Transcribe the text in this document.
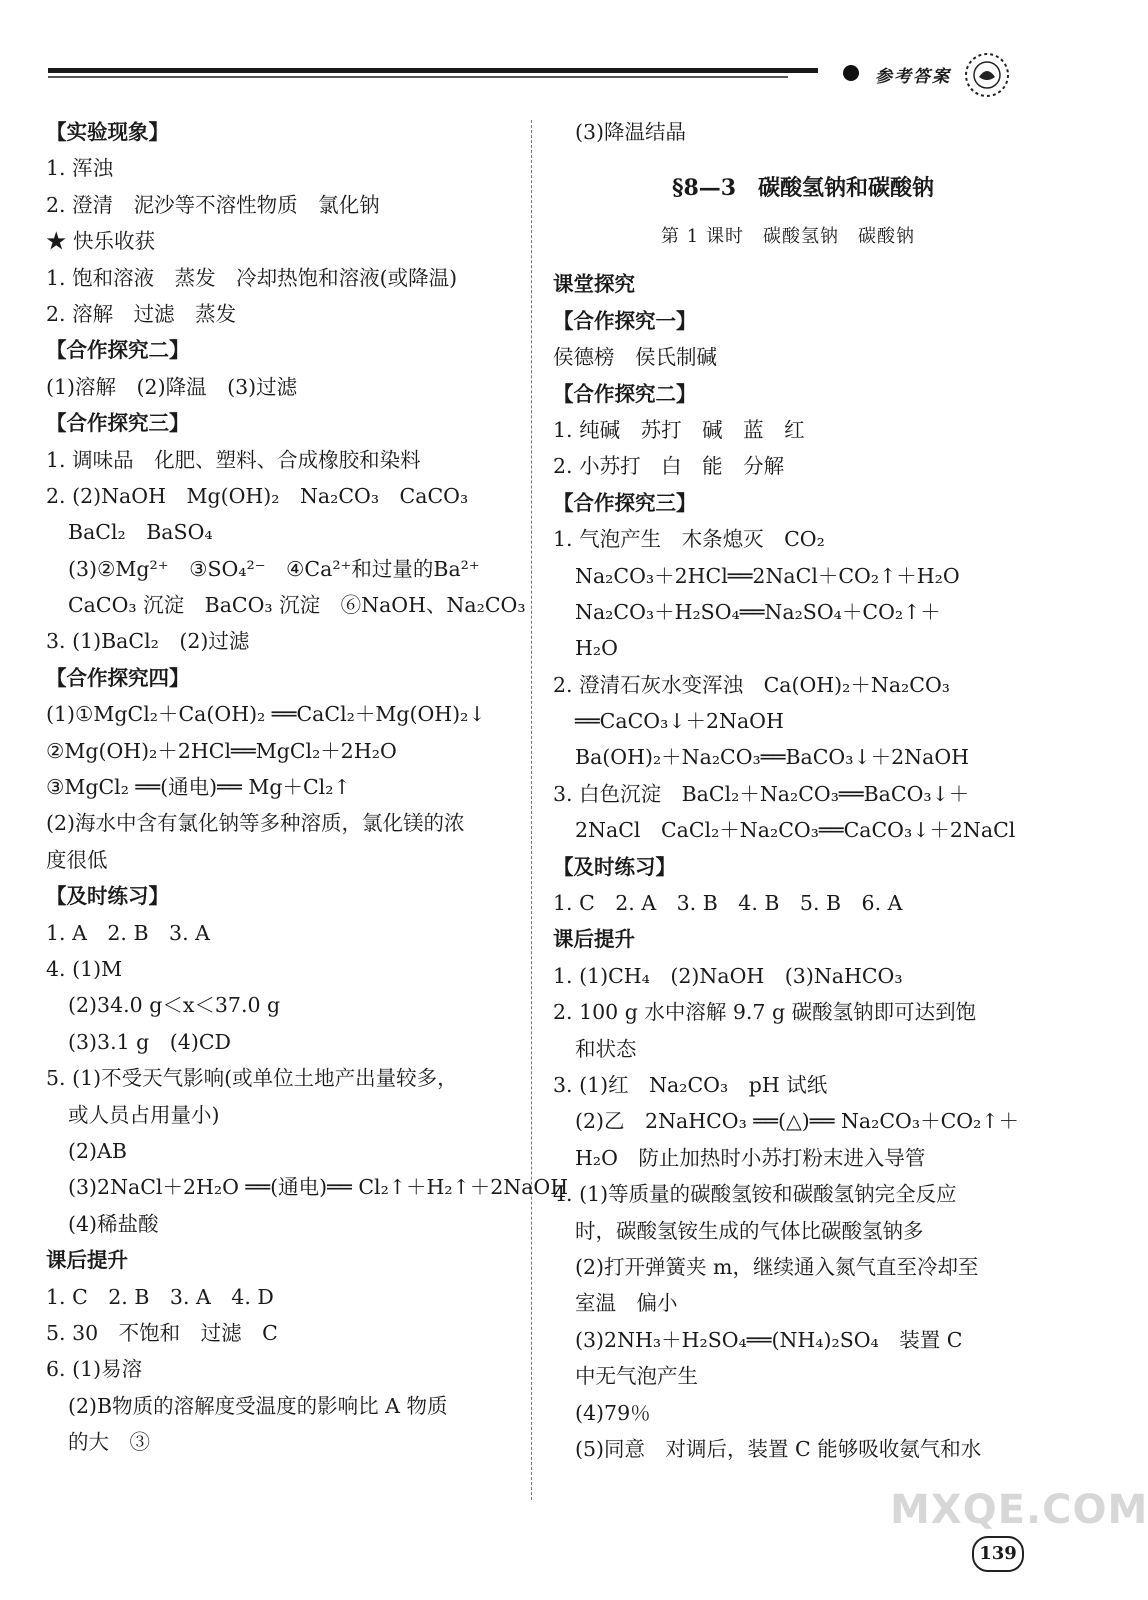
参考答案
【实验现象】
1. 浑浊
2. 澄清　泥沙等不溶性物质　氯化钠
★ 快乐收获
1. 饱和溶液　蒸发　冷却热饱和溶液(或降温)
2. 溶解　过滤　蒸发
【合作探究二】
(1)溶解　(2)降温　(3)过滤
【合作探究三】
1. 调味品　化肥、塑料、合成橡胶和染料
2. (2)NaOH　Mg(OH)₂　Na₂CO₃　CaCO₃
BaCl₂　BaSO₄
(3)②Mg²⁺　③SO₄²⁻　④Ca²⁺和过量的Ba²⁺
CaCO₃ 沉淀　BaCO₃ 沉淀　⑥NaOH、Na₂CO₃
3. (1)BaCl₂　(2)过滤
【合作探究四】
(1)①MgCl₂＋Ca(OH)₂ ══CaCl₂＋Mg(OH)₂↓
②Mg(OH)₂＋2HCl══MgCl₂＋2H₂O
③MgCl₂ ══(通电)══ Mg＋Cl₂↑
(2)海水中含有氯化钠等多种溶质，氯化镁的浓
度很低
【及时练习】
1. A　2. B　3. A
4. (1)M
(2)34.0 g＜x＜37.0 g
(3)3.1 g　(4)CD
5. (1)不受天气影响(或单位土地产出量较多，
或人员占用量小)
(2)AB
(3)2NaCl＋2H₂O ══(通电)══ Cl₂↑＋H₂↑＋2NaOH
(4)稀盐酸
课后提升
1. C　2. B　3. A　4. D
5. 30　不饱和　过滤　C
6. (1)易溶
(2)B物质的溶解度受温度的影响比 A 物质
的大　③
(3)降温结晶
§8—3　碳酸氢钠和碳酸钠
第 1 课时　碳酸氢钠　碳酸钠
课堂探究
【合作探究一】
侯德榜　侯氏制碱
【合作探究二】
1. 纯碱　苏打　碱　蓝　红
2. 小苏打　白　能　分解
【合作探究三】
1. 气泡产生　木条熄灭　CO₂
Na₂CO₃＋2HCl══2NaCl＋CO₂↑＋H₂O
Na₂CO₃＋H₂SO₄══Na₂SO₄＋CO₂↑＋
H₂O
2. 澄清石灰水变浑浊　Ca(OH)₂＋Na₂CO₃
══CaCO₃↓＋2NaOH
Ba(OH)₂＋Na₂CO₃══BaCO₃↓＋2NaOH
3. 白色沉淀　BaCl₂＋Na₂CO₃══BaCO₃↓＋
2NaCl　CaCl₂＋Na₂CO₃══CaCO₃↓＋2NaCl
【及时练习】
1. C　2. A　3. B　4. B　5. B　6. A
课后提升
1. (1)CH₄　(2)NaOH　(3)NaHCO₃
2. 100 g 水中溶解 9.7 g 碳酸氢钠即可达到饱
和状态
3. (1)红　Na₂CO₃　pH 试纸
(2)乙　2NaHCO₃ ══(△)══ Na₂CO₃＋CO₂↑＋
H₂O　防止加热时小苏打粉末进入导管
4. (1)等质量的碳酸氢铵和碳酸氢钠完全反应
时，碳酸氢铵生成的气体比碳酸氢钠多
(2)打开弹簧夹 m，继续通入氮气直至冷却至
室温　偏小
(3)2NH₃＋H₂SO₄══(NH₄)₂SO₄　装置 C
中无气泡产生
(4)79％
(5)同意　对调后，装置 C 能够吸收氨气和水
MXQE.COM
139
